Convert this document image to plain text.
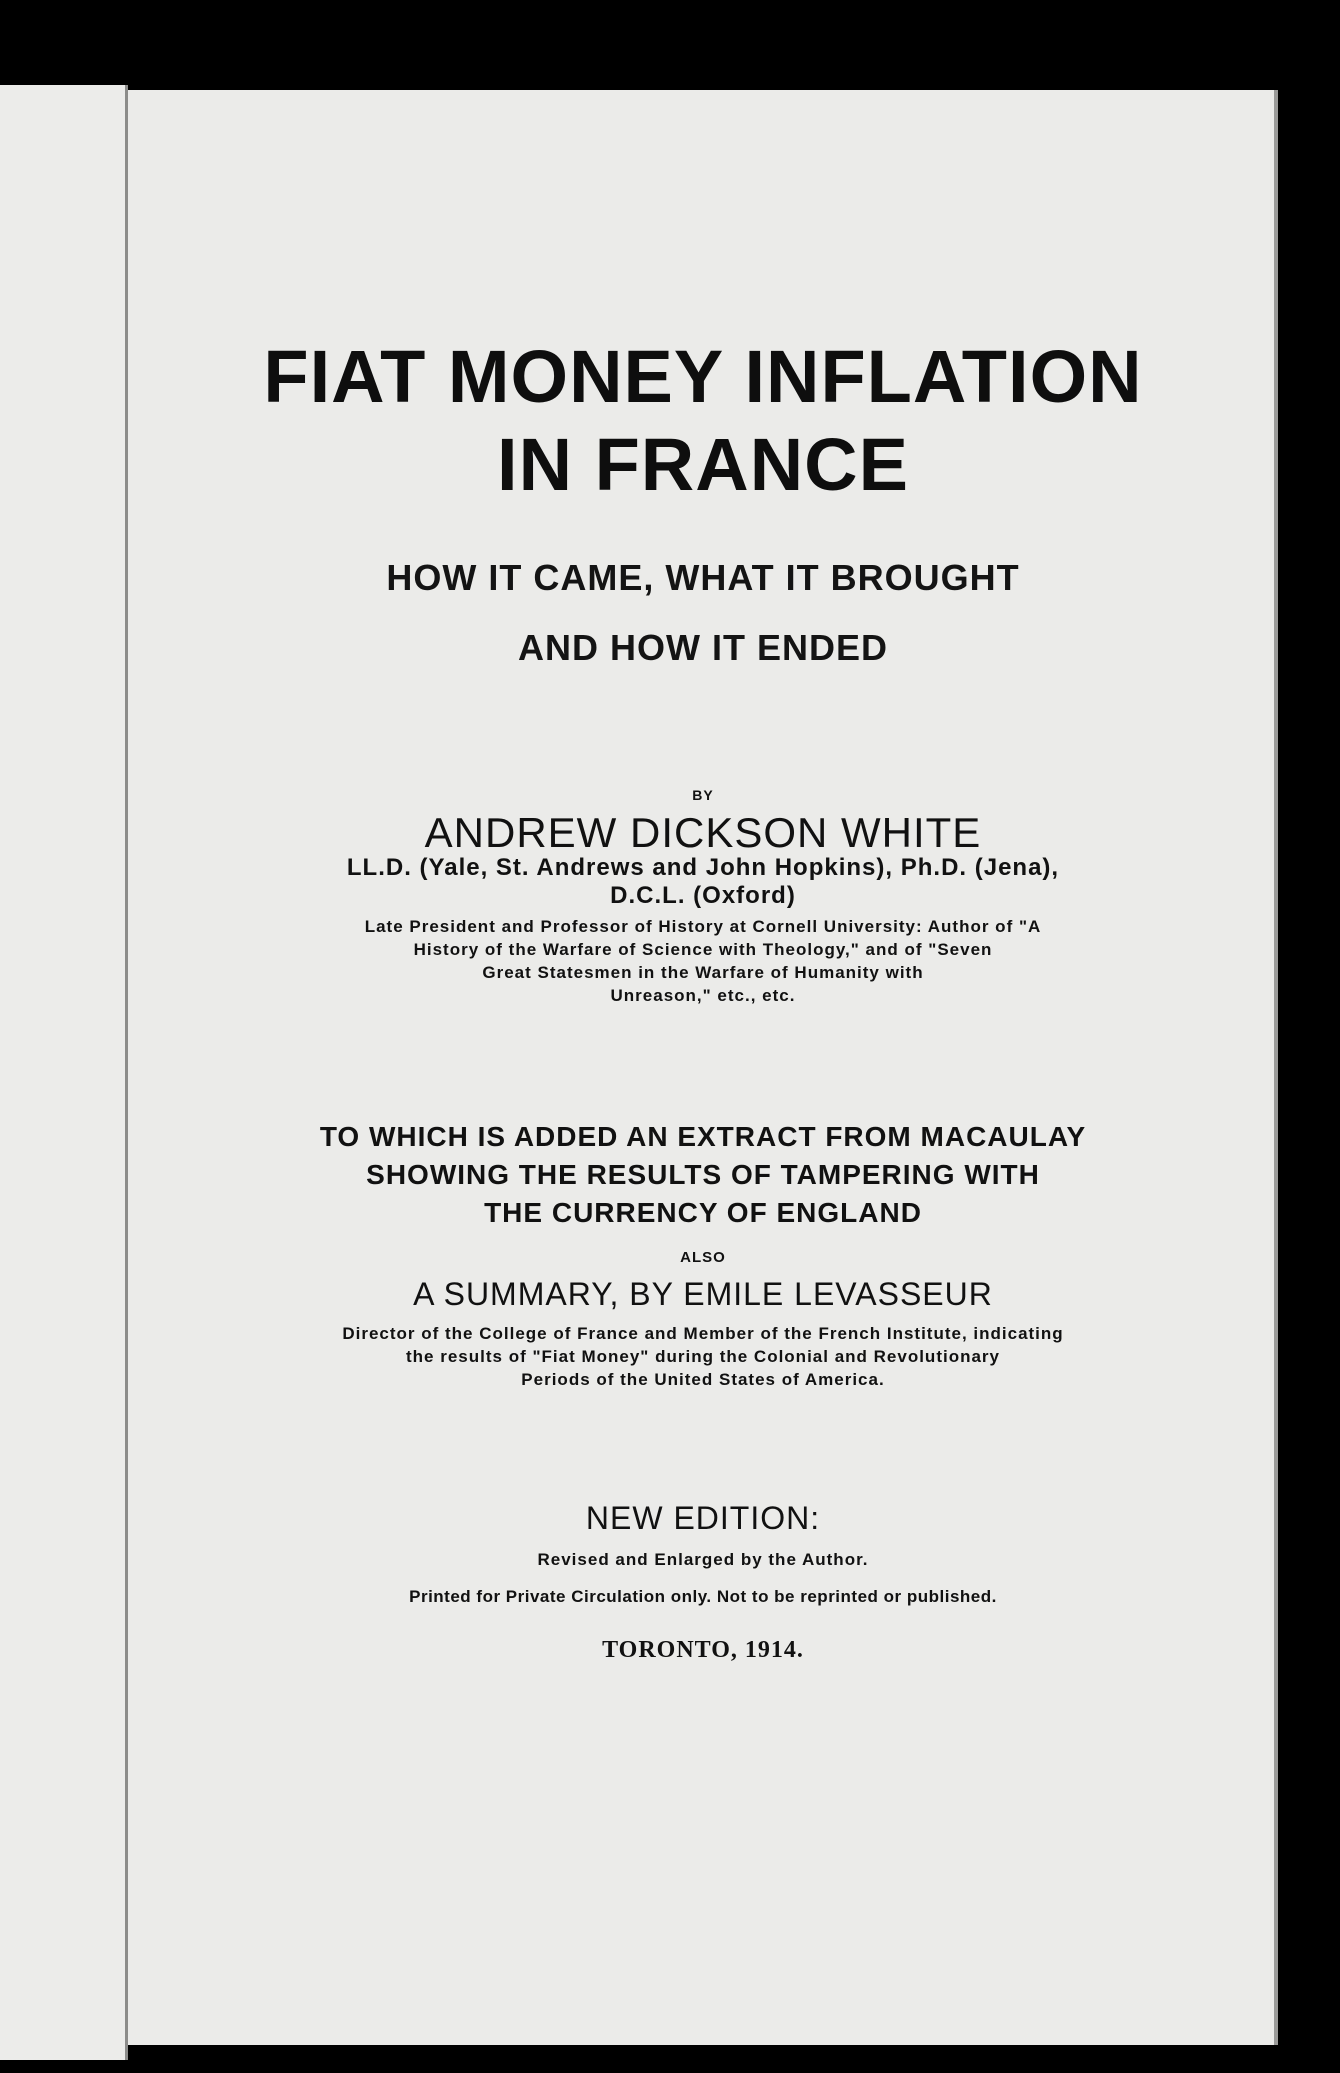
FIAT MONEY INFLATION
IN FRANCE
HOW IT CAME, WHAT IT BROUGHT
AND HOW IT ENDED
BY
ANDREW DICKSON WHITE
LL.D. (Yale, St. Andrews and John Hopkins), Ph.D. (Jena),
D.C.L. (Oxford)
Late President and Professor of History at Cornell University: Author of "A
History of the Warfare of Science with Theology," and of "Seven
Great Statesmen in the Warfare of Humanity with
Unreason," etc., etc.
TO WHICH IS ADDED AN EXTRACT FROM MACAULAY
SHOWING THE RESULTS OF TAMPERING WITH
THE CURRENCY OF ENGLAND
ALSO
A SUMMARY, BY EMILE LEVASSEUR
Director of the College of France and Member of the French Institute, indicating
the results of "Fiat Money" during the Colonial and Revolutionary
Periods of the United States of America.
NEW EDITION:
Revised and Enlarged by the Author.
Printed for Private Circulation only. Not to be reprinted or published.
TORONTO, 1914.
